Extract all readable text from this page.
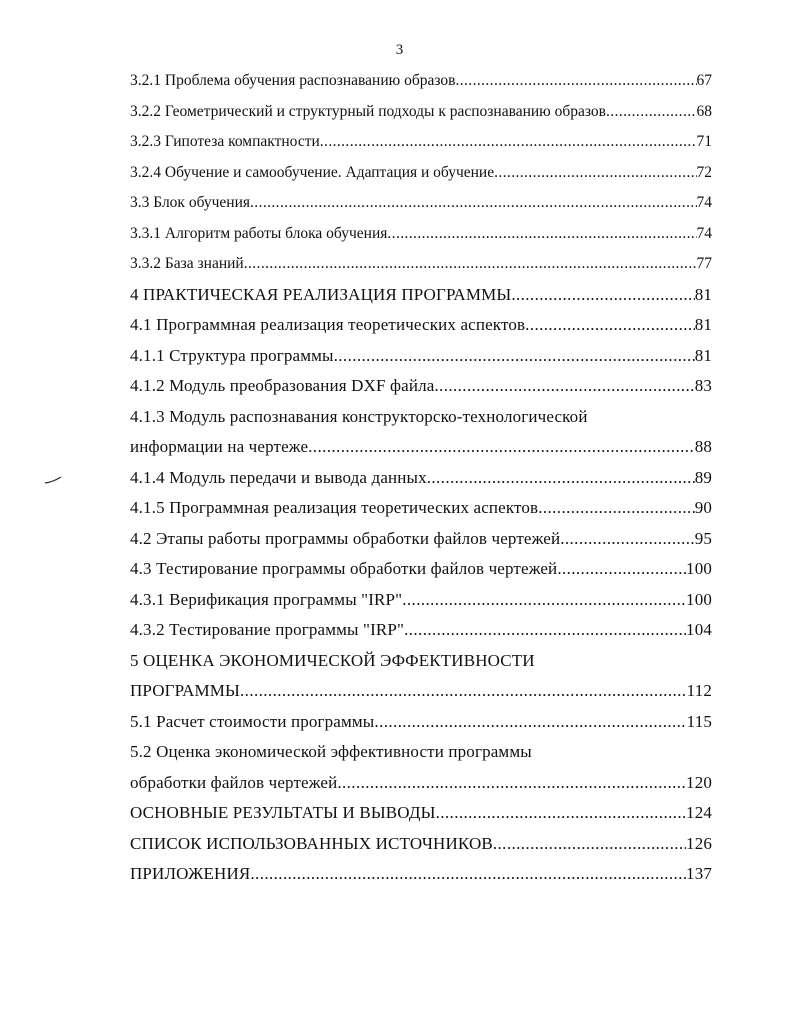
3
3.2.1 Проблема обучения распознаванию образов .....	67
3.2.2 Геометрический и структурный подходы к распознаванию образов .....	68
3.2.3 Гипотеза компактности .....	71
3.2.4 Обучение и самообучение. Адаптация и обучение .....	72
3.3 Блок обучения .....	74
3.3.1 Алгоритм работы блока обучения .....	74
3.3.2 База знаний .....	77
4 ПРАКТИЧЕСКАЯ РЕАЛИЗАЦИЯ ПРОГРАММЫ .....	81
4.1 Программная реализация теоретических аспектов .....	81
4.1.1 Структура программы .....	81
4.1.2 Модуль преобразования DXF файла .....	83
4.1.3 Модуль распознавания конструкторско-технологической
информации на чертеже .....	88
4.1.4 Модуль передачи и вывода данных .....	89
4.1.5 Программная реализация теоретических аспектов .....	90
4.2 Этапы работы программы обработки файлов чертежей .....	95
4.3 Тестирование программы обработки файлов чертежей .....	100
4.3.1 Верификация программы "IRP" .....	100
4.3.2 Тестирование программы "IRP" .....	104
5 ОЦЕНКА ЭКОНОМИЧЕСКОЙ ЭФФЕКТИВНОСТИ
ПРОГРАММЫ .....	112
5.1 Расчет стоимости программы .....	115
5.2 Оценка экономической эффективности программы
обработки файлов чертежей .....	120
ОСНОВНЫЕ РЕЗУЛЬТАТЫ И ВЫВОДЫ .....	124
СПИСОК ИСПОЛЬЗОВАННЫХ ИСТОЧНИКОВ .....	126
ПРИЛОЖЕНИЯ .....	137
